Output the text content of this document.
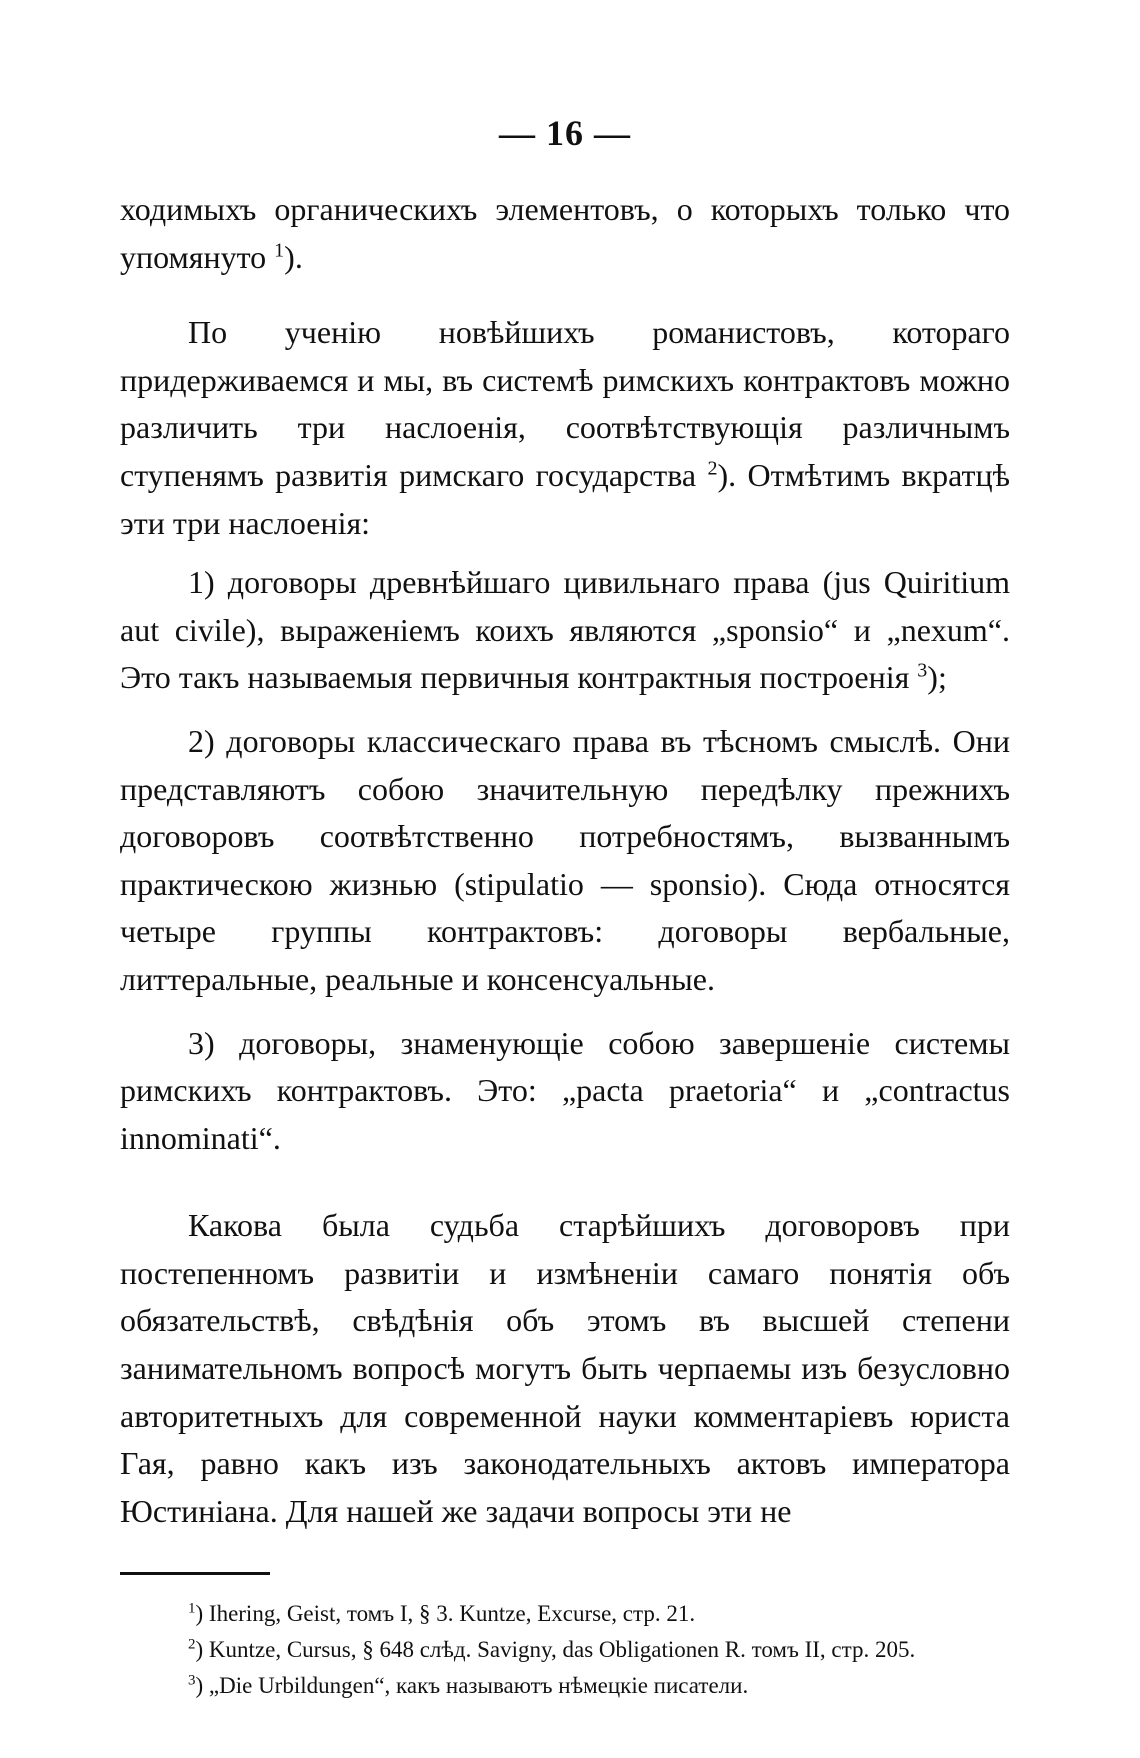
— 16 —

ходимыхъ органическихъ элементовъ, о которыхъ только что упомянуто $^1$).

По ученію новѣйшихъ романистовъ, котораго придерживаемся и мы, въ системѣ римскихъ контрактовъ можно различить три наслоенія, соотвѣтствующія различнымъ ступенямъ развитія римскаго государства $^2$). Отмѣтимъ вкратцѣ эти три наслоенія:

1) договоры древнѣйшаго цивильнаго права (jus Quiritium aut civile), выраженіемъ коихъ являются „sponsio“ и „nexum“. Это такъ называемыя первичныя контрактныя построенія $^3$);

2) договоры классическаго права въ тѣсномъ смыслѣ. Они представляютъ собою значительную передѣлку прежнихъ договоровъ соотвѣтственно потребностямъ, вызваннымъ практическою жизнью (stipulatio — sponsio). Сюда относятся четыре группы контрактовъ: договоры вербальные, литтеральные, реальные и консенсуальные.

3) договоры, знаменующіе собою завершеніе системы римскихъ контрактовъ. Это: „pacta praetoria“ и „contractus innominati“.

Какова была судьба старѣйшихъ договоровъ при постепенномъ развитіи и измѣненіи самаго понятія объ обязательствѣ, свѣдѣнія объ этомъ въ высшей степени занимательномъ вопросѣ могутъ быть черпаемы изъ безусловно авторитетныхъ для современной науки комментаріевъ юриста Гая, равно какъ изъ законодательныхъ актовъ императора Юстиніана. Для нашей же задачи вопросы эти не

$^1$) Ihering, Geist, томъ I, § 3. Kuntze, Excurse, стр. 21.

$^2$) Kuntze, Cursus, § 648 слѣд. Savigny, das Obligationen R. томъ II, стр. 205.

$^3$) „Die Urbildungen“, какъ называютъ нѣмецкіе писатели.
